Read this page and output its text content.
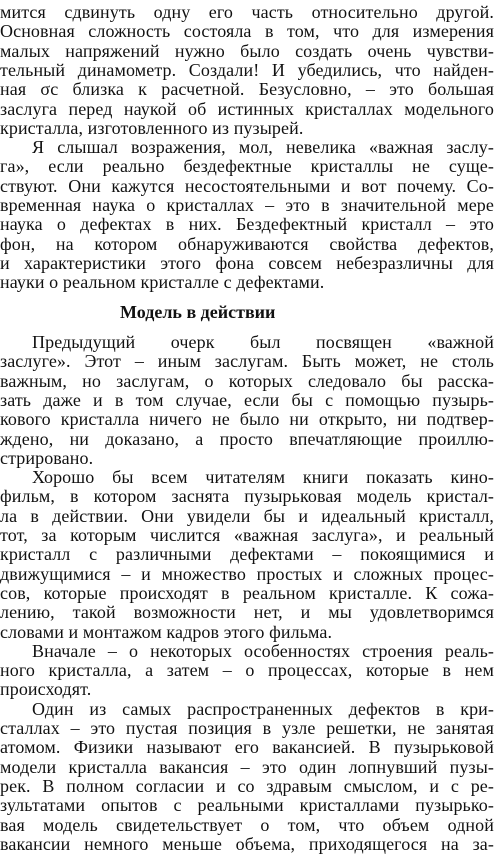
мится сдвинуть одну его часть относительно другой.
Основная сложность состояла в том, что для измерения
малых напряжений нужно было создать очень чувстви-
тельный динамометр. Создали! И убедились, что найден-
ная σc близка к расчетной. Безусловно, – это большая
заслуга перед наукой об истинных кристаллах модельного
кристалла, изготовленного из пузырей.
Я слышал возражения, мол, невелика «важная заслу-
га», если реально бездефектные кристаллы не суще-
ствуют. Они кажутся несостоятельными и вот почему. Со-
временная наука о кристаллах – это в значительной мере
наука о дефектах в них. Бездефектный кристалл – это
фон, на котором обнаруживаются свойства дефектов,
и характеристики этого фона совсем небезразличны для
науки о реальном кристалле с дефектами.
Модель в действии
Предыдущий очерк был посвящен «важной
заслуге». Этот – иным заслугам. Быть может, не столь
важным, но заслугам, о которых следовало бы расска-
зать даже и в том случае, если бы с помощью пузырь-
кового кристалла ничего не было ни открыто, ни подтвер-
ждено, ни доказано, а просто впечатляющие проиллю-
стрировано.
Хорошо бы всем читателям книги показать кино-
фильм, в котором заснята пузырьковая модель кристал-
ла в действии. Они увидели бы и идеальный кристалл,
тот, за которым числится «важная заслуга», и реальный
кристалл с различными дефектами – покоящимися и
движущимися – и множество простых и сложных процес-
сов, которые происходят в реальном кристалле. К сожа-
лению, такой возможности нет, и мы удовлетворимся
словами и монтажом кадров этого фильма.
Вначале – о некоторых особенностях строения реаль-
ного кристалла, а затем – о процессах, которые в нем
происходят.
Один из самых распространенных дефектов в кри-
сталлах – это пустая позиция в узле решетки, не занятая
атомом. Физики называют его вакансией. В пузырьковой
модели кристалла вакансия – это один лопнувший пузы-
рек. В полном согласии и со здравым смыслом, и с ре-
зультатами опытов с реальными кристаллами пузырько-
вая модель свидетельствует о том, что объем одной
вакансии немного меньше объема, приходящегося на за-
